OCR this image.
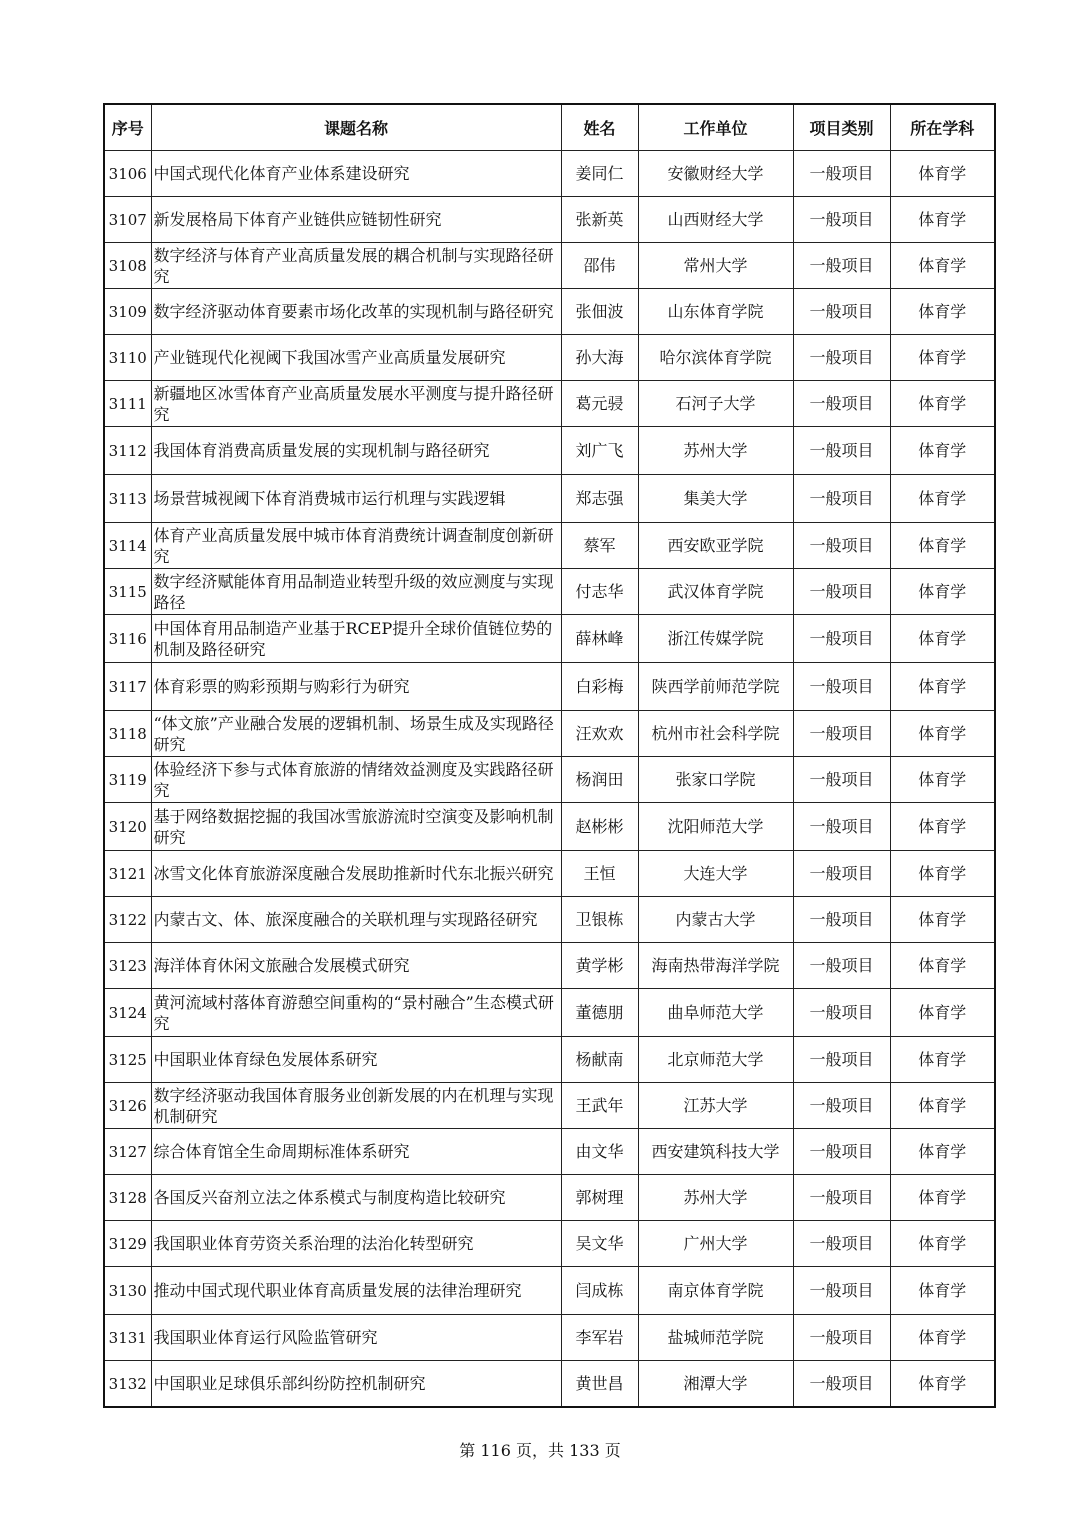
序号	课题名称	姓名	工作单位	项目类别	所在学科
3106	中国式现代化体育产业体系建设研究	姜同仁	安徽财经大学	一般项目	体育学
3107	新发展格局下体育产业链供应链韧性研究	张新英	山西财经大学	一般项目	体育学
3108	数字经济与体育产业高质量发展的耦合机制与实现路径研究	邵伟	常州大学	一般项目	体育学
3109	数字经济驱动体育要素市场化改革的实现机制与路径研究	张佃波	山东体育学院	一般项目	体育学
3110	产业链现代化视阈下我国冰雪产业高质量发展研究	孙大海	哈尔滨体育学院	一般项目	体育学
3111	新疆地区冰雪体育产业高质量发展水平测度与提升路径研究	葛元骎	石河子大学	一般项目	体育学
3112	我国体育消费高质量发展的实现机制与路径研究	刘广飞	苏州大学	一般项目	体育学
3113	场景营城视阈下体育消费城市运行机理与实践逻辑	郑志强	集美大学	一般项目	体育学
3114	体育产业高质量发展中城市体育消费统计调查制度创新研究	蔡军	西安欧亚学院	一般项目	体育学
3115	数字经济赋能体育用品制造业转型升级的效应测度与实现路径	付志华	武汉体育学院	一般项目	体育学
3116	中国体育用品制造产业基于RCEP提升全球价值链位势的机制及路径研究	薛林峰	浙江传媒学院	一般项目	体育学
3117	体育彩票的购彩预期与购彩行为研究	白彩梅	陕西学前师范学院	一般项目	体育学
3118	“体文旅”产业融合发展的逻辑机制、场景生成及实现路径研究	汪欢欢	杭州市社会科学院	一般项目	体育学
3119	体验经济下参与式体育旅游的情绪效益测度及实践路径研究	杨润田	张家口学院	一般项目	体育学
3120	基于网络数据挖掘的我国冰雪旅游流时空演变及影响机制研究	赵彬彬	沈阳师范大学	一般项目	体育学
3121	冰雪文化体育旅游深度融合发展助推新时代东北振兴研究	王恒	大连大学	一般项目	体育学
3122	内蒙古文、体、旅深度融合的关联机理与实现路径研究	卫银栋	内蒙古大学	一般项目	体育学
3123	海洋体育休闲文旅融合发展模式研究	黄学彬	海南热带海洋学院	一般项目	体育学
3124	黄河流域村落体育游憩空间重构的“景村融合”生态模式研究	董德朋	曲阜师范大学	一般项目	体育学
3125	中国职业体育绿色发展体系研究	杨献南	北京师范大学	一般项目	体育学
3126	数字经济驱动我国体育服务业创新发展的内在机理与实现机制研究	王武年	江苏大学	一般项目	体育学
3127	综合体育馆全生命周期标准体系研究	由文华	西安建筑科技大学	一般项目	体育学
3128	各国反兴奋剂立法之体系模式与制度构造比较研究	郭树理	苏州大学	一般项目	体育学
3129	我国职业体育劳资关系治理的法治化转型研究	吴文华	广州大学	一般项目	体育学
3130	推动中国式现代职业体育高质量发展的法律治理研究	闫成栋	南京体育学院	一般项目	体育学
3131	我国职业体育运行风险监管研究	李军岩	盐城师范学院	一般项目	体育学
3132	中国职业足球俱乐部纠纷防控机制研究	黄世昌	湘潭大学	一般项目	体育学
第 116 页，共 133 页
